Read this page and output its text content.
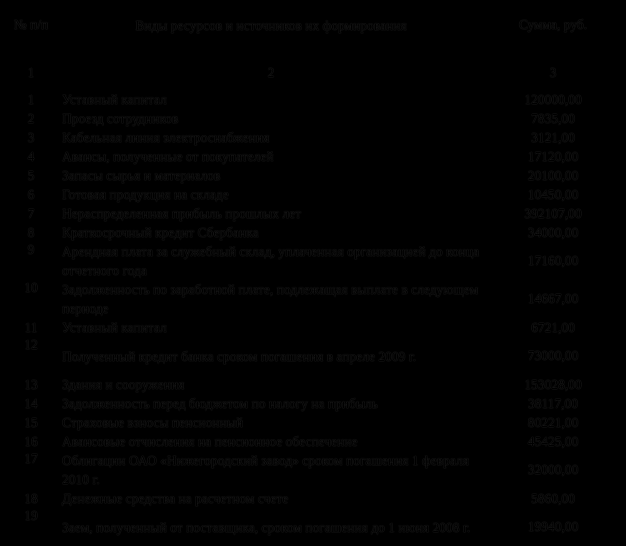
№ п/п	Виды ресурсов и источников их формирования	Сумма, руб.
1	2	3
1	Уставный капитал	120000,00
2	Проезд сотрудников	7835,00
3	Кабельная линия электроснабжения	3121,00
4	Авансы, полученные от покупателей	17120,00
5	Запасы сырья и материалов	20100,00
6	Готовая продукция на складе	10450,00
7	Нераспределенная прибыль прошлых лет	392107,00
8	Краткосрочный кредит Сбербанка	34000,00
9	Арендная плата за служебный склад, уплаченная организацией до конца отчетного года	17160,00
10	Задолженность по заработной плате, подлежащая выплате в следующем периоде	14667,00
11	Уставный капитал	6721,00
12	Полученный кредит банка сроком погашения в апреле 2009 г.	73000,00
13	Здания и сооружения	153028,00
14	Задолженность перед бюджетом по налогу на прибыль	38117,00
15	Страховые взносы пенсионный	80221,00
16	Авансовые отчисления на пенсионное обеспечение	45425,00
17	Облигации ОАО «Нижегородский завод» сроком погашения 1 февраля 2010 г.	32000,00
18	Денежные средства на расчетном счете	5860,00
19	Заем, полученный от поставщика, сроком погашения до 1 июня 2008 г.	19940,00
